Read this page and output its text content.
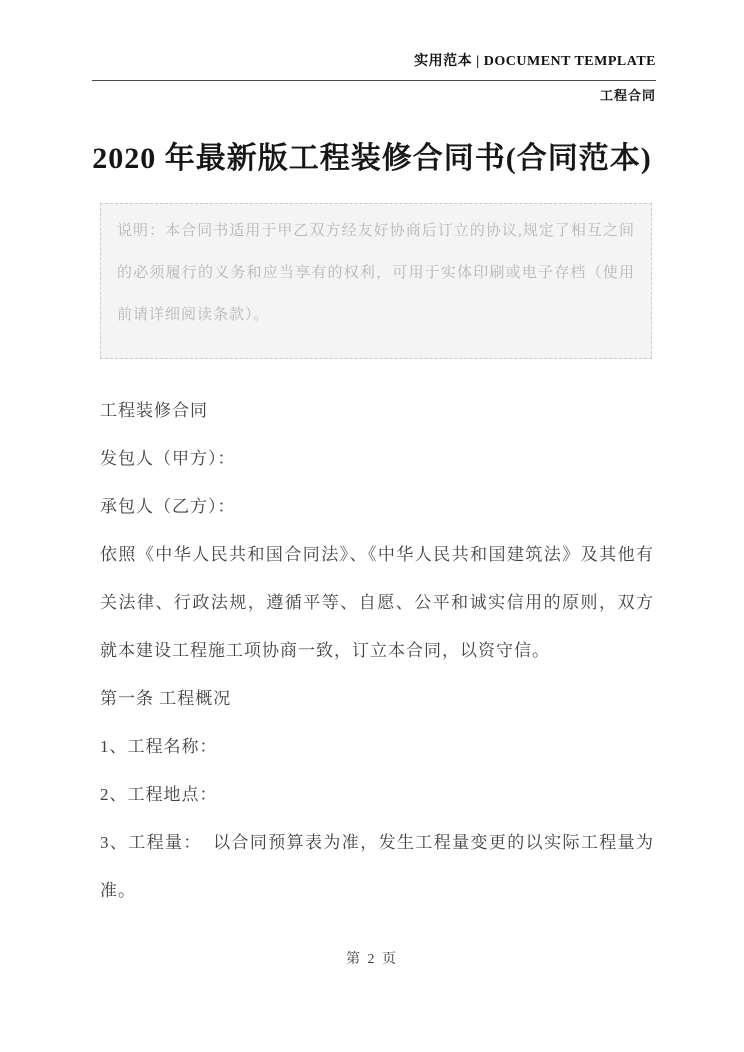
实用范本 | DOCUMENT TEMPLATE
工程合同
2020 年最新版工程装修合同书(合同范本)
说明：本合同书适用于甲乙双方经友好协商后订立的协议,规定了相互之间的必须履行的义务和应当享有的权利，可用于实体印刷或电子存档（使用前请详细阅读条款）。

工程装修合同

发包人（甲方）：

承包人（乙方）：

依照《中华人民共和国合同法》、《中华人民共和国建筑法》及其他有关法律、行政法规，遵循平等、自愿、公平和诚实信用的原则，双方就本建设工程施工项协商一致，订立本合同，以资守信。

第一条 工程概况

1、工程名称：

2、工程地点：

3、工程量：  以合同预算表为准，发生工程量变更的以实际工程量为准。

第 2 页
